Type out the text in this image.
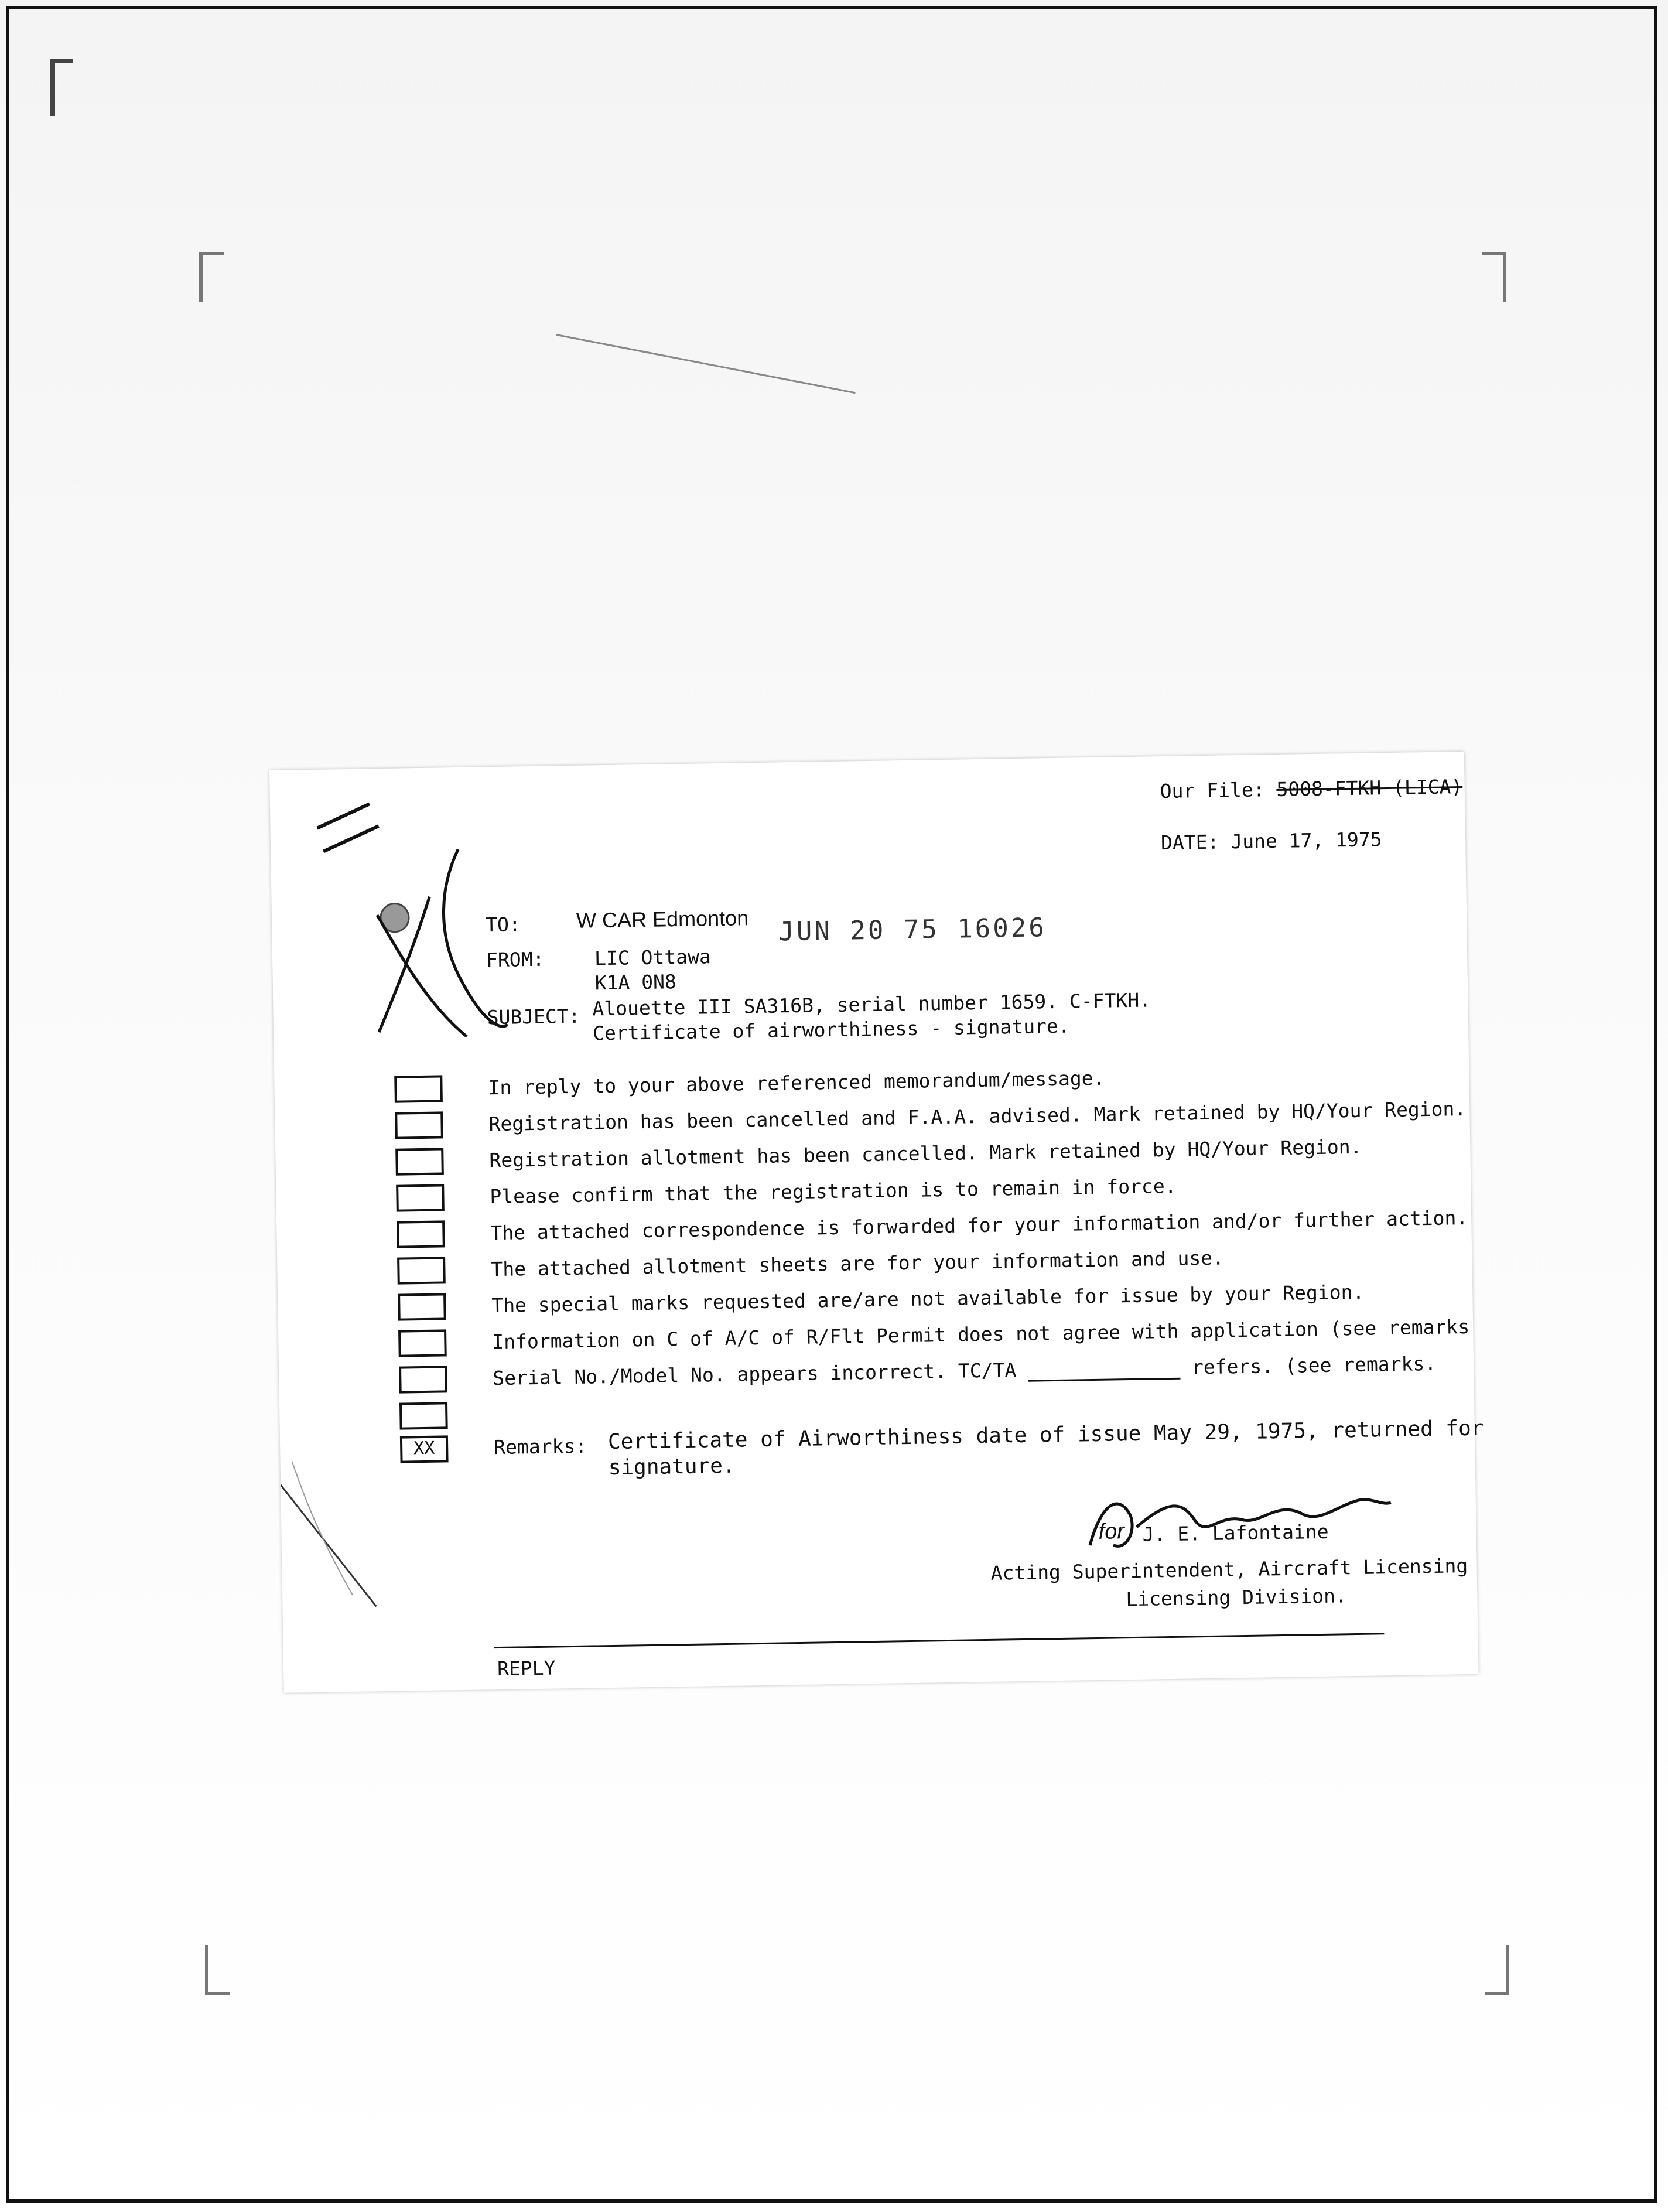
Our File: 5008-FTKH (LICA)
DATE: June 17, 1975
TO:	W CAR Edmonton JUN 20 75 16026
FROM:	LIC Ottawa
K1A 0N8
SUBJECT: Alouette III SA316B, serial number 1659. C-FTKH.
Certificate of airworthiness - signature.
XX
In reply to your above referenced memorandum/message.
Registration has been cancelled and F.A.A. advised. Mark retained by HQ/Your Region.
Registration allotment has been cancelled. Mark retained by HQ/Your Region.
Please confirm that the registration is to remain in force.
The attached correspondence is forwarded for your information and/or further action.
The attached allotment sheets are for your information and use.
The special marks requested are/are not available for issue by your Region.
Information on C of A/C of R/Flt Permit does not agree with application (see remarks
Serial No./Model No. appears incorrect. TC/TA	refers. (see remarks.
Remarks: Certificate of Airworthiness date of issue May 29, 1975, returned for
signature.
for J. E. Lafontaine
Acting Superintendent, Aircraft Licensing
Licensing Division.
REPLY
